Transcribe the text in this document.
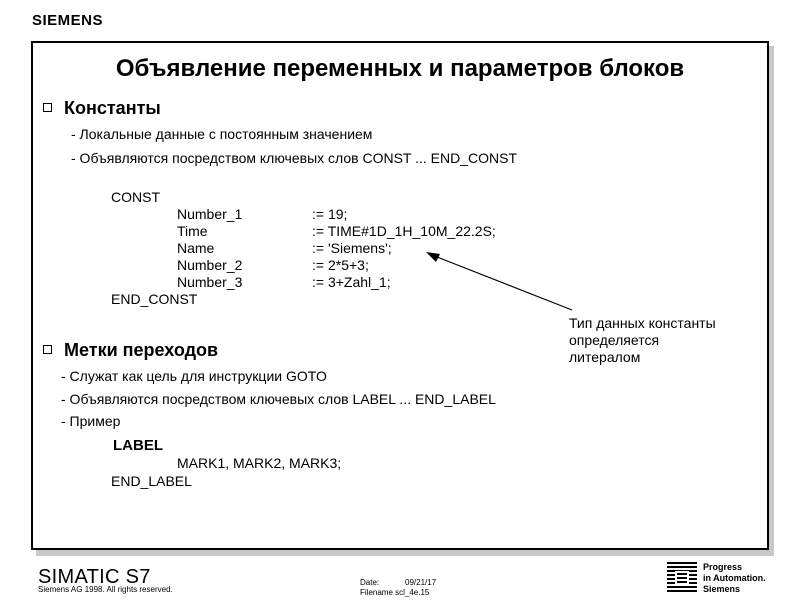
SIEMENS
Объявление переменных и параметров блоков
Константы
- Локальные данные с постоянным значением
- Объявляются посредством ключевых слов CONST ... END_CONST
CONST
Number_1	:= 19;
Time	:= TIME#1D_1H_10M_22.2S;
Name	:= 'Siemens';
Number_2	:= 2*5+3;
Number_3	:= 3+Zahl_1;
END_CONST
Тип данных константы
определяется
литералом
Метки переходов
- Служат как цель для инструкции GOTO
- Объявляются посредством ключевых слов LABEL ... END_LABEL
- Пример
LABEL
MARK1, MARK2, MARK3;
END_LABEL
SIMATIC S7
Siemens AG 1998. All rights reserved.
Date:	09/21/17
Filename scl_4e.15
Progress
in Automation.
Siemens
